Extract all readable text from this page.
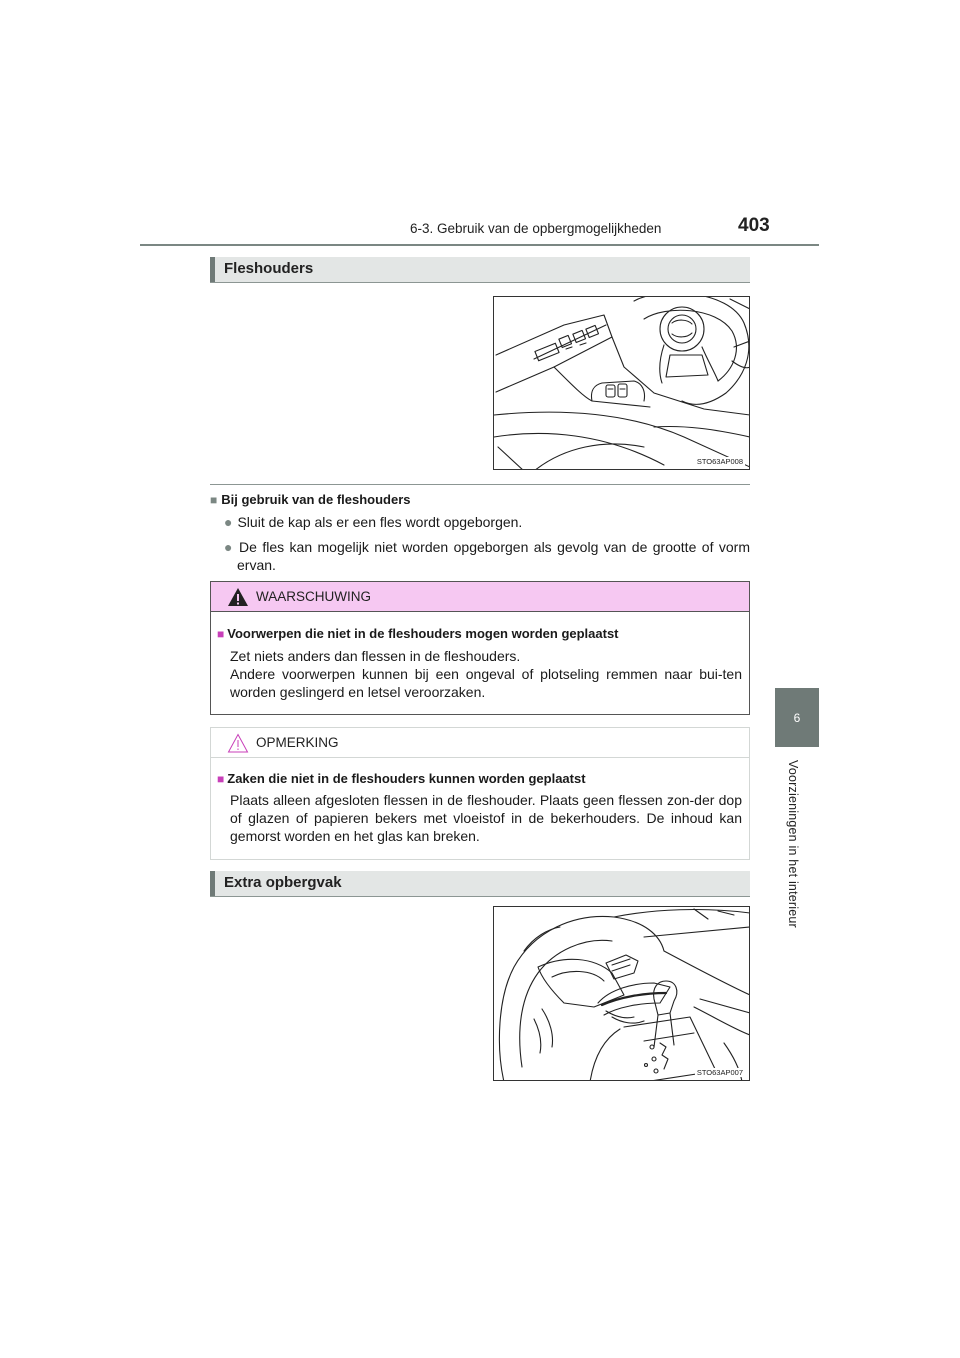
6-3. Gebruik van de opbergmogelijkheden	403
6
Voorzieningen in het interieur
Fleshouders
STO63AP008
■ Bij gebruik van de fleshouders
● Sluit de kap als er een fles wordt opgeborgen.
● De fles kan mogelijk niet worden opgeborgen als gevolg van de grootte of vorm ervan.
WAARSCHUWING
■ Voorwerpen die niet in de fleshouders mogen worden geplaatst
Zet niets anders dan flessen in de fleshouders.
Andere voorwerpen kunnen bij een ongeval of plotseling remmen naar bui-ten worden geslingerd en letsel veroorzaken.
OPMERKING
■ Zaken die niet in de fleshouders kunnen worden geplaatst
Plaats alleen afgesloten flessen in de fleshouder. Plaats geen flessen zon-der dop of glazen of papieren bekers met vloeistof in de bekerhouders. De inhoud kan gemorst worden en het glas kan breken.
Extra opbergvak
STO63AP007
